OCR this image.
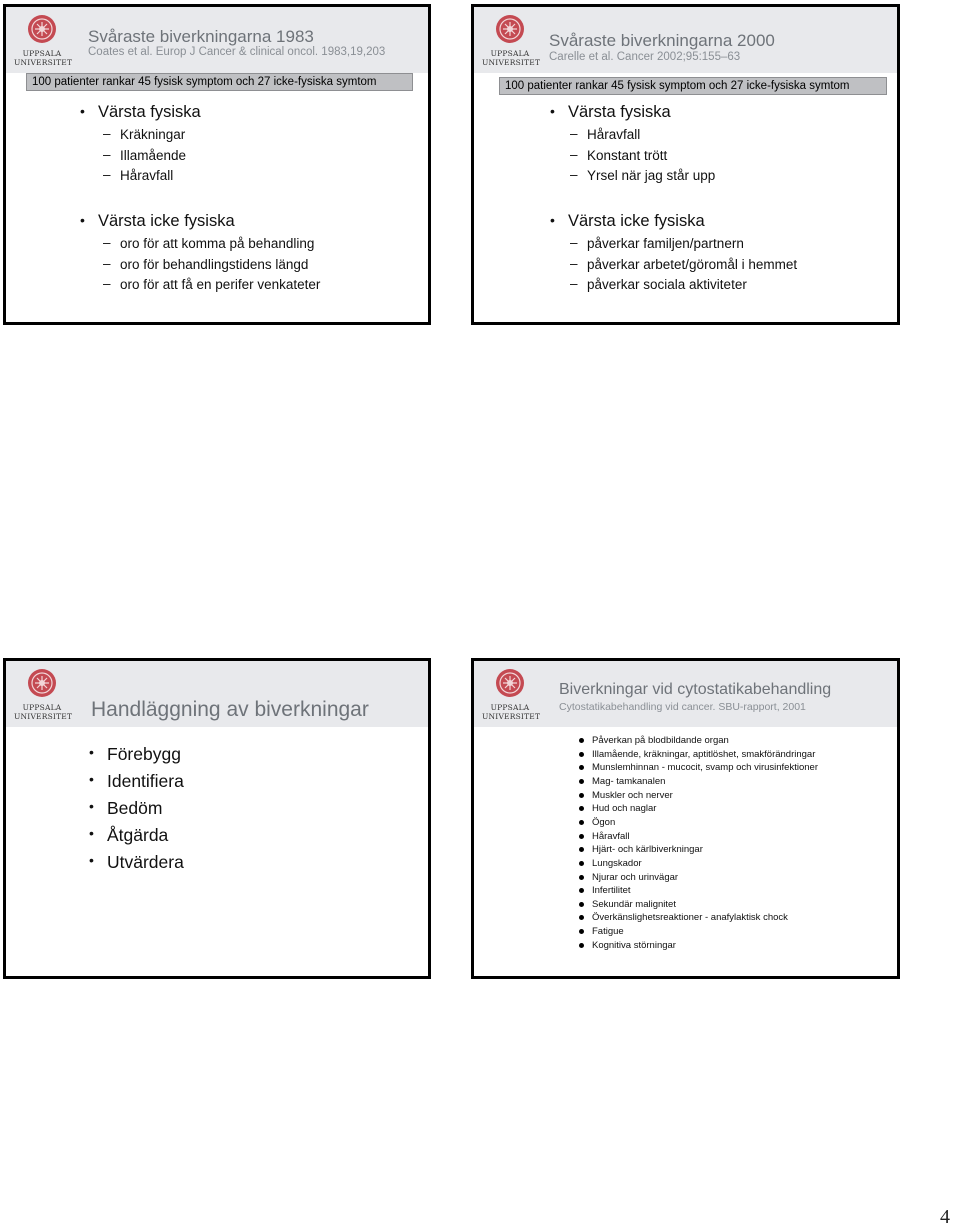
UPPSALA
UNIVERSITET
Svåraste biverkningarna 1983
Coates et al. Europ J Cancer & clinical oncol. 1983,19,203
100 patienter rankar 45 fysisk symptom och 27 icke-fysiska symtom
• Värsta fysiska
– Kräkningar
– Illamående
– Håravfall
• Värsta icke fysiska
– oro för att komma på behandling
– oro för behandlingstidens längd
– oro för att få en perifer venkateter
UPPSALA
UNIVERSITET
Svåraste biverkningarna 2000
Carelle et al. Cancer 2002;95:155–63
100 patienter rankar 45 fysisk symptom och 27 icke-fysiska symtom
• Värsta fysiska
– Håravfall
– Konstant trött
– Yrsel när jag står upp
• Värsta icke fysiska
– påverkar familjen/partnern
– påverkar arbetet/göromål i hemmet
– påverkar sociala aktiviteter
UPPSALA
UNIVERSITET Handläggning av biverkningar
• Förebygg
• Identifiera
• Bedöm
• Åtgärda
• Utvärdera
UPPSALA
UNIVERSITET
Biverkningar vid cytostatikabehandling
Cytostatikabehandling vid cancer. SBU-rapport, 2001
Påverkan på blodbildande organ
Illamående, kräkningar, aptitlöshet, smakförändringar
Munslemhinnan - mucocit, svamp och virusinfektioner
Mag- tamkanalen
Muskler och nerver
Hud och naglar
Ögon
Håravfall
Hjärt- och kärlbiverkningar
Lungskador
Njurar och urinvägar
Infertilitet
Sekundär malignitet
Överkänslighetsreaktioner - anafylaktisk chock
Fatigue
Kognitiva störningar
4
